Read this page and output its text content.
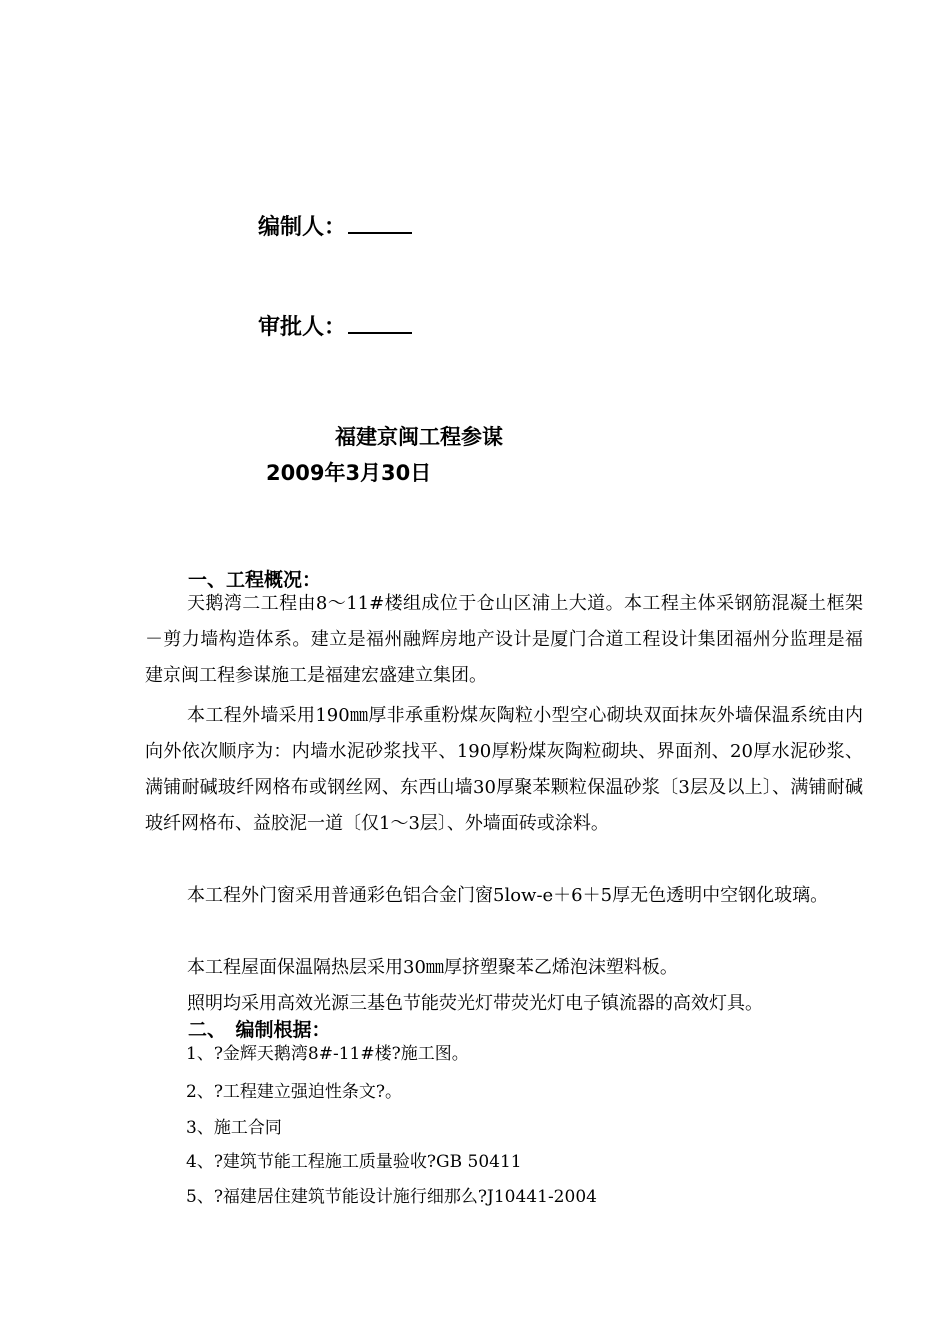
编制人：
审批人：
福建京闽工程参谋
2009年3月30日
一、工程概况：

天鹅湾二工程由8～11#楼组成位于仓山区浦上大道。本工程主体采钢筋混凝土框架－剪力墙构造体系。建立是福州融辉房地产设计是厦门合道工程设计集团福州分监理是福建京闽工程参谋施工是福建宏盛建立集团。

本工程外墙采用190㎜厚非承重粉煤灰陶粒小型空心砌块双面抹灰外墙保温系统由内向外依次顺序为：内墙水泥砂浆找平、190厚粉煤灰陶粒砌块、界面剂、20厚水泥砂浆、满铺耐碱玻纤网格布或钢丝网、东西山墙30厚聚苯颗粒保温砂浆〔3层及以上〕、满铺耐碱玻纤网格布、益胶泥一道〔仅1～3层〕、外墙面砖或涂料。

本工程外门窗采用普通彩色铝合金门窗5low-e＋6＋5厚无色透明中空钢化玻璃。

本工程屋面保温隔热层采用30㎜厚挤塑聚苯乙烯泡沫塑料板。

照明均采用高效光源三基色节能荧光灯带荧光灯电子镇流器的高效灯具。

二、　编制根据：

1、?金辉天鹅湾8#-11#楼?施工图。

2、?工程建立强迫性条文?。

3、施工合同

4、?建筑节能工程施工质量验收?GB 50411

5、?福建居住建筑节能设计施行细那么?J10441-2004
